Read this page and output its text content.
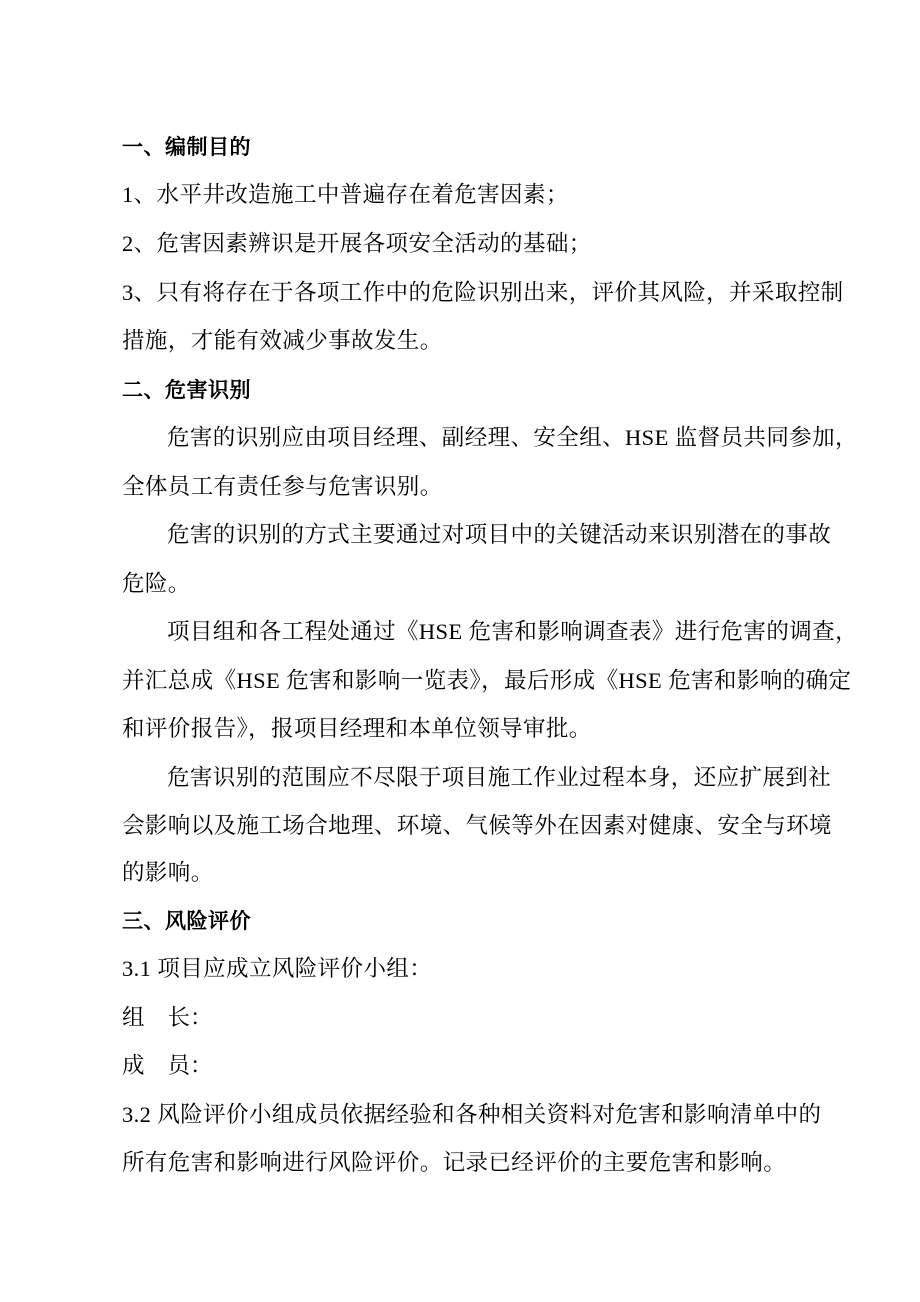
一、编制目的
1、水平井改造施工中普遍存在着危害因素；
2、危害因素辨识是开展各项安全活动的基础；
3、只有将存在于各项工作中的危险识别出来，评价其风险，并采取控制
措施，才能有效减少事故发生。
二、危害识别
危害的识别应由项目经理、副经理、安全组、HSE 监督员共同参加，
全体员工有责任参与危害识别。
危害的识别的方式主要通过对项目中的关键活动来识别潜在的事故
危险。
项目组和各工程处通过《HSE 危害和影响调查表》进行危害的调查，
并汇总成《HSE 危害和影响一览表》，最后形成《HSE 危害和影响的确定
和评价报告》，报项目经理和本单位领导审批。
危害识别的范围应不尽限于项目施工作业过程本身，还应扩展到社
会影响以及施工场合地理、环境、气候等外在因素对健康、安全与环境
的影响。
三、风险评价
3.1 项目应成立风险评价小组：
组 长：
成 员：
3.2 风险评价小组成员依据经验和各种相关资料对危害和影响清单中的
所有危害和影响进行风险评价。记录已经评价的主要危害和影响。
